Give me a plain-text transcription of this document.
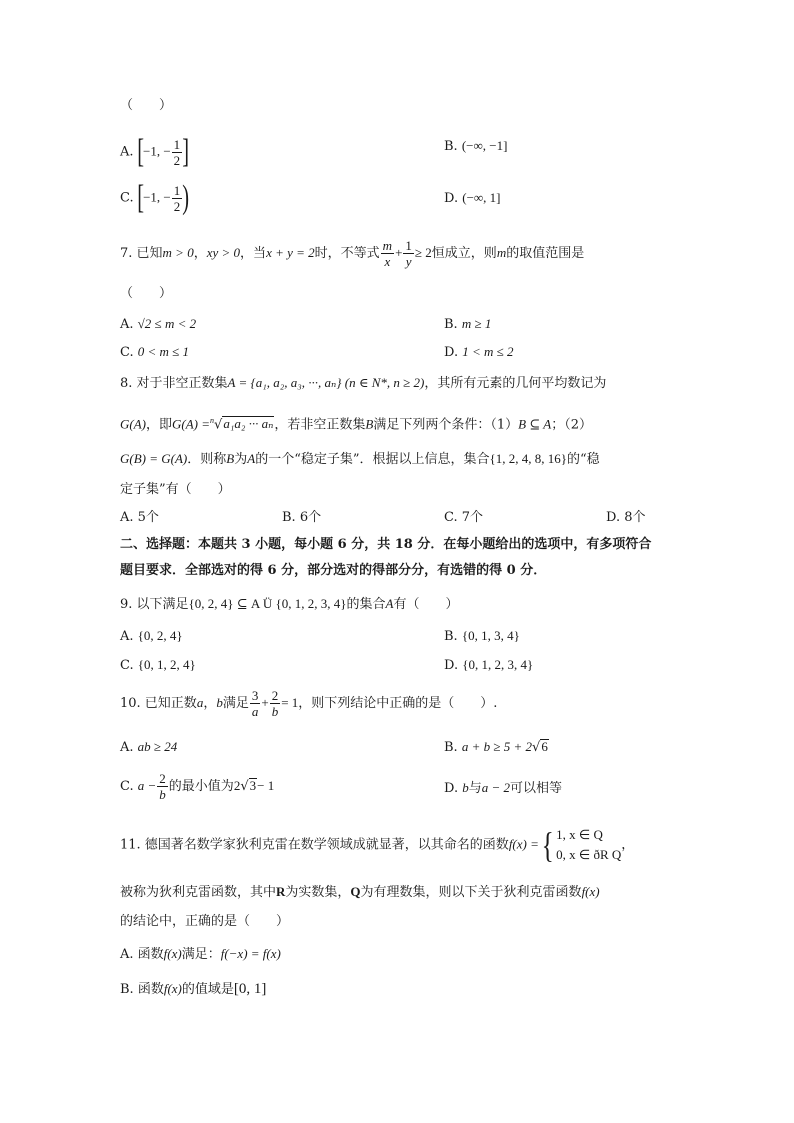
（　　）
A. [−1, − $\frac{1}{2}$ ]	B. (−∞, −1]
C. [−1, − $\frac{1}{2}$ )	D. (−∞, 1]
7. 已知m > 0，xy > 0，当x + y = 2时，不等式 $\frac{m}{x} + \frac{1}{y} \ge 2$恒成立，则m的取值范围是
（　　）
A. √2 ≤ m < 2	B. m ≥ 1
C. 0 < m ≤ 1	D. 1 < m ≤ 2
8. 对于非空正数集A = {a₁, a₂, a₃, ···, aₙ} (n ∈ N*, n ≥ 2)，其所有元素的几何平均数记为
G(A)，即G(A) =$^n$√a₁a₂ ··· aₙ，若非空正数集B满足下列两个条件：（1）B ⊆ A；（2）
G(B) = G(A)．则称B为A的一个“稳定子集”．根据以上信息，集合{1, 2, 4, 8, 16}的“稳
定子集”有（　　）
A. 5个	B. 6个	C. 7个	D. 8个
二、选择题：本题共 3 小题，每小题 6 分，共 18 分．在每小题给出的选项中，有多项符合
题目要求．全部选对的得 6 分，部分选对的得部分分，有选错的得 0 分．
9. 以下满足{0, 2, 4} ⊆ A Ü {0, 1, 2, 3, 4}的集合A有（　　）
A. {0, 2, 4}	B. {0, 1, 3, 4}
C. {0, 1, 2, 4}	D. {0, 1, 2, 3, 4}
10. 已知正数a，b满足 $\frac{3}{a} + \frac{2}{b} = 1$，则下列结论中正确的是（　　）.
A. ab ≥ 24	B. a + b ≥ 5 + 2√6
C. $a - \frac{2}{b}$ 的最小值为2√3− 1	D. b与a − 2可以相等
11. 德国著名数学家狄利克雷在数学领域成就显著，以其命名的函数f(x) ={ 1, x ∈ Q
0, x ∈ ðR Q
，
被称为狄利克雷函数，其中R为实数集，Q为有理数集，则以下关于狄利克雷函数f(x)
的结论中，正确的是（　　）
A. 函数f(x)满足：f(−x) = f(x)
B. 函数f(x)的值域是[0, 1]
